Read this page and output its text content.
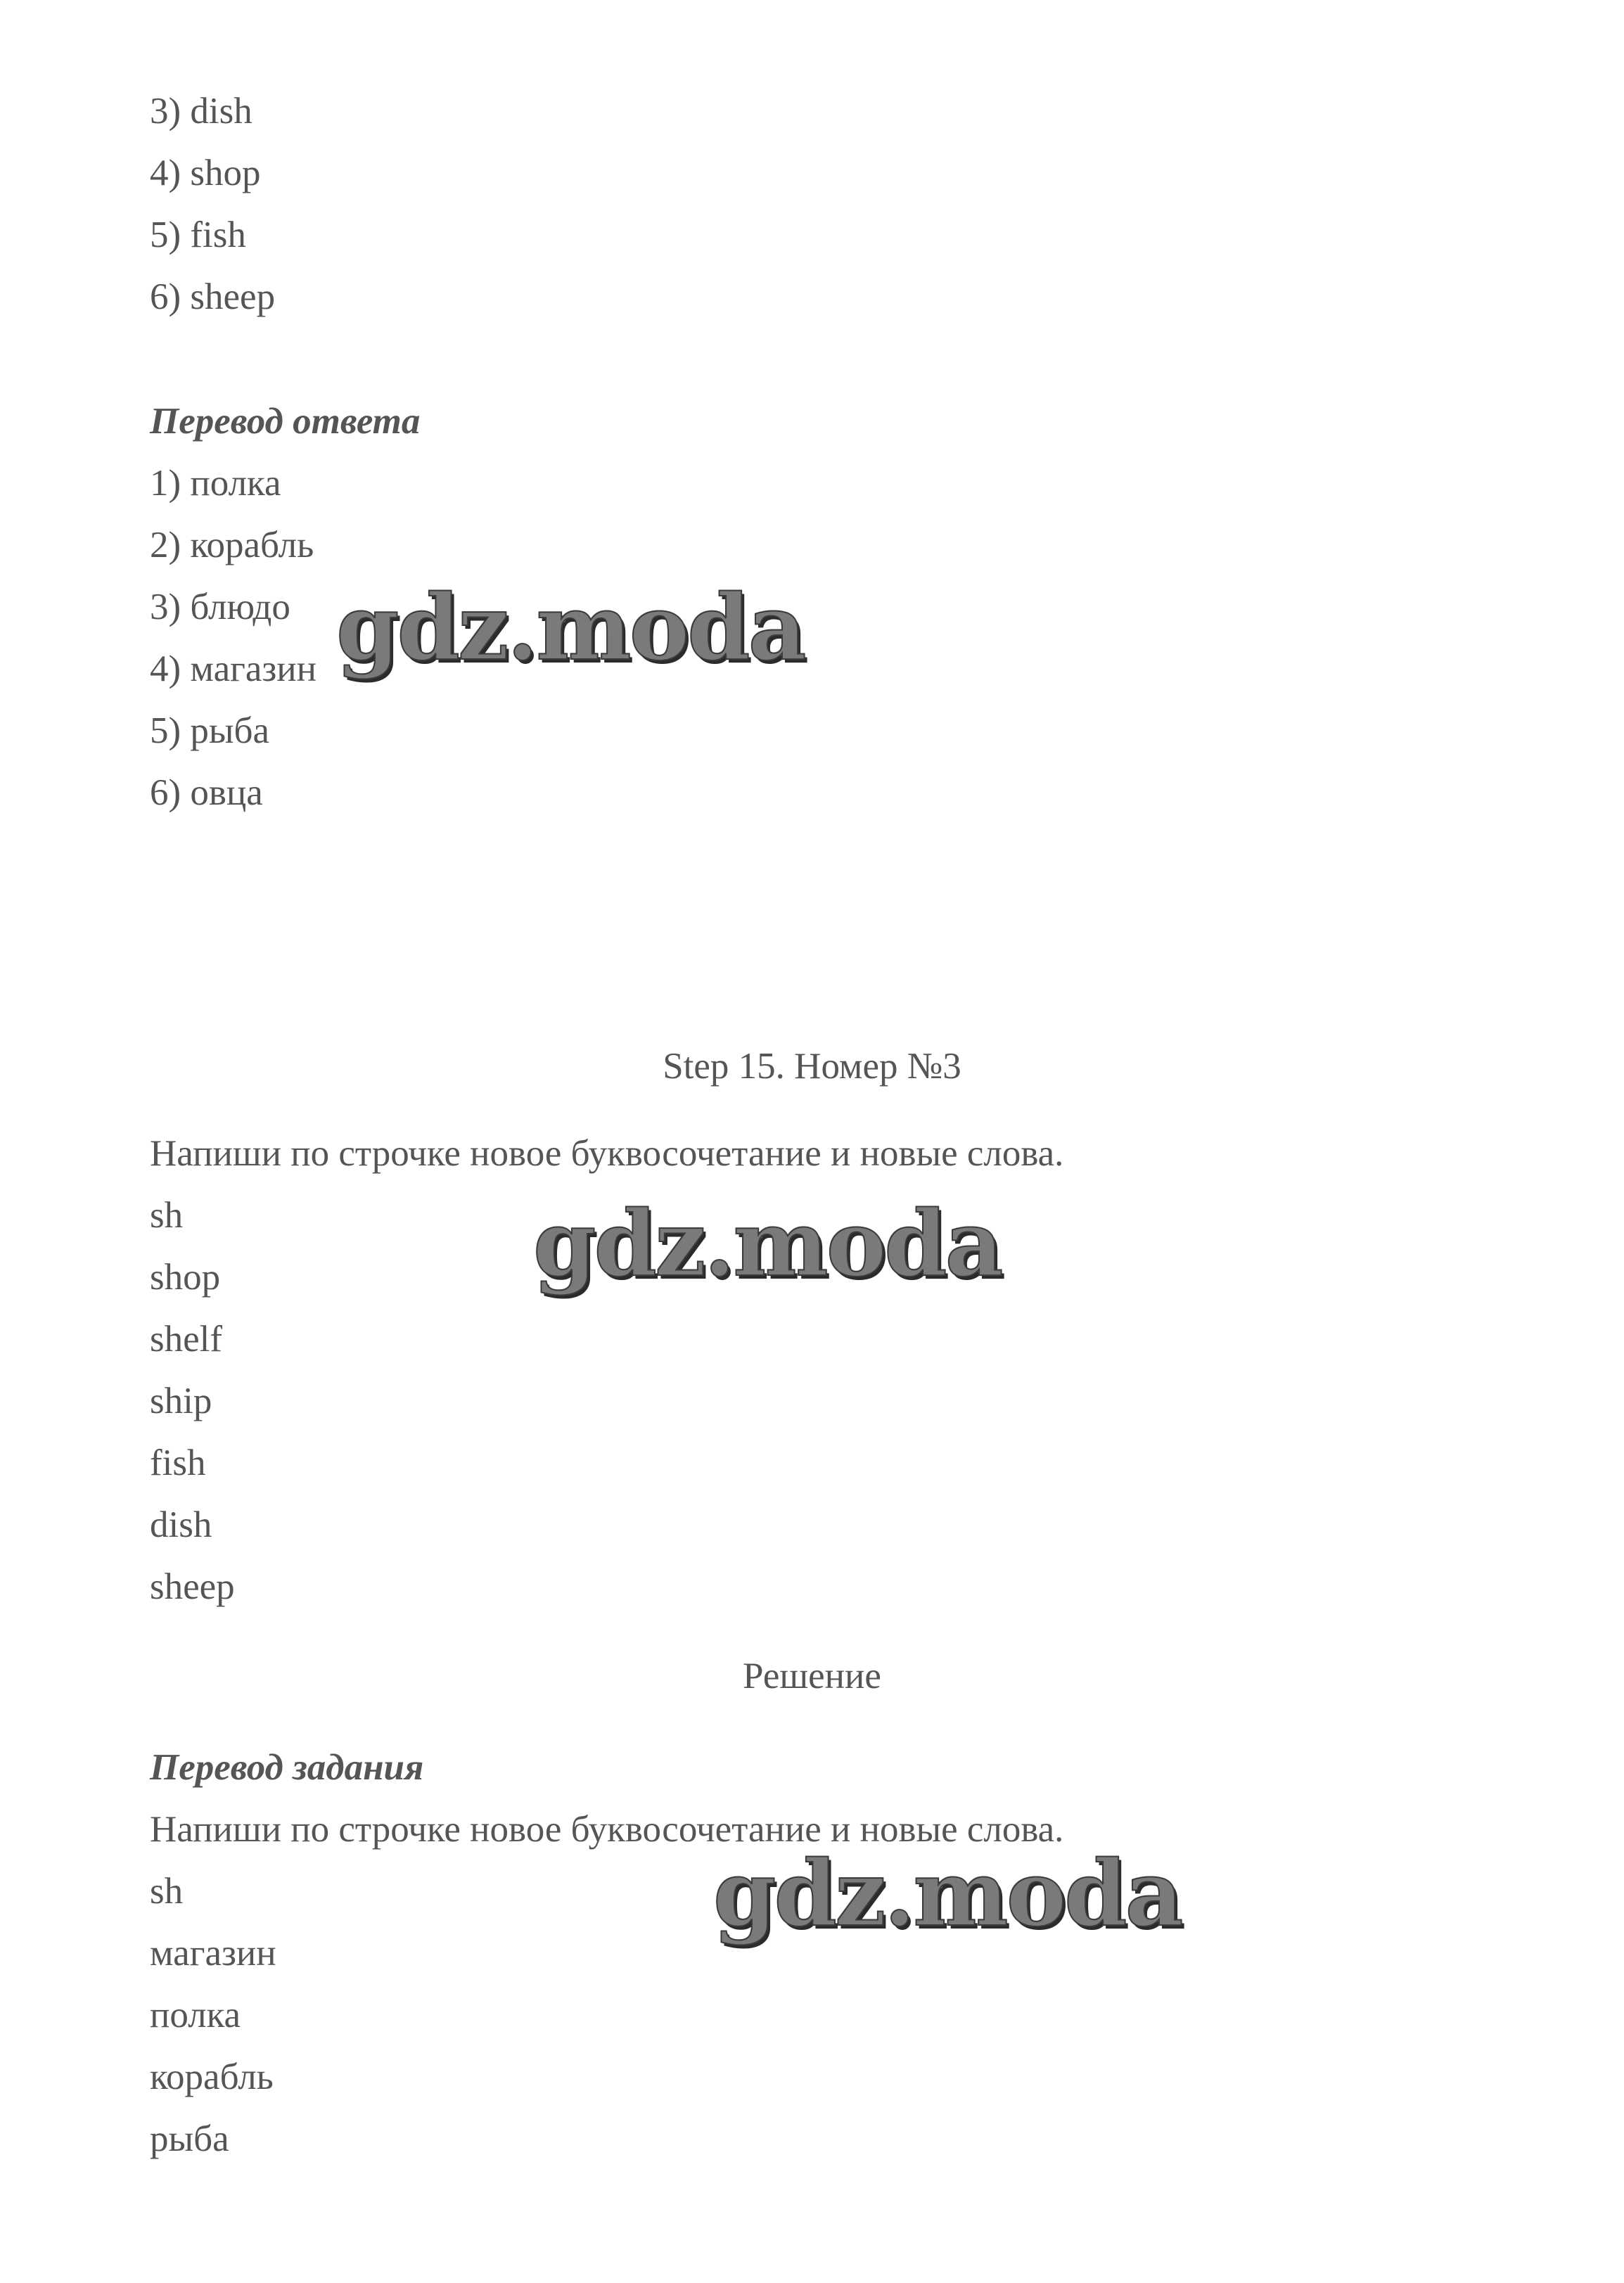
3) dish
4) shop
5) fish
6) sheep
Перевод ответа
1) полка
2) корабль
3) блюдо
4) магазин
5) рыба
6) овца
Step 15. Номер №3
Напиши по строчке новое буквосочетание и новые слова.
sh
shop
shelf
ship
fish
dish
sheep
Решение
Перевод задания
Напиши по строчке новое буквосочетание и новые слова.
sh
магазин
полка
корабль
рыба
gdz.moda
gdz.moda
gdz.moda
